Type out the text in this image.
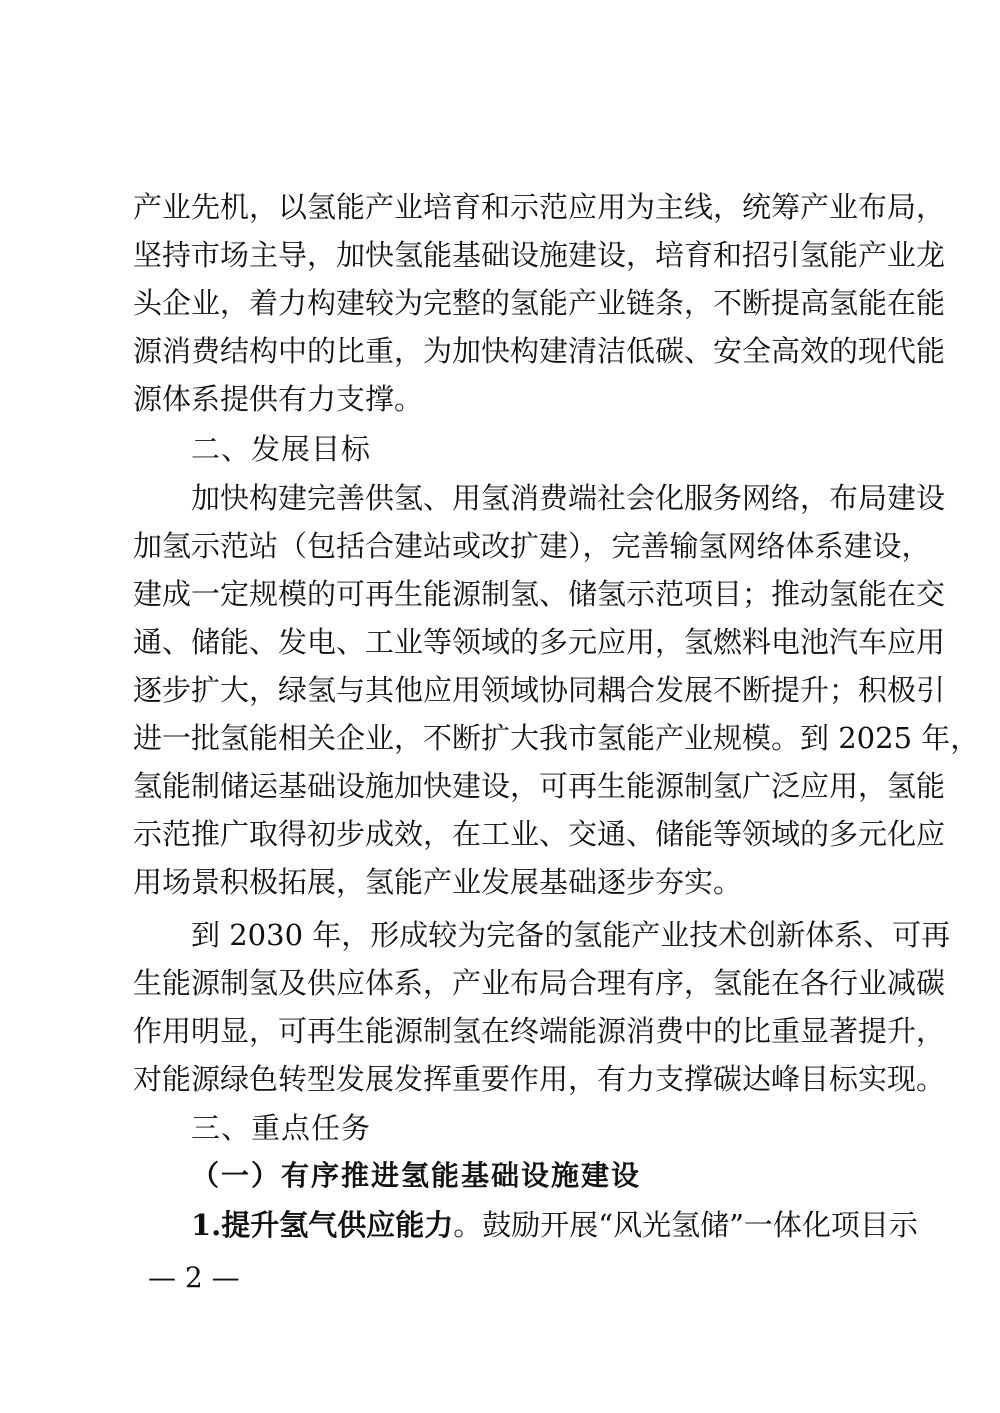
产业先机，以氢能产业培育和示范应用为主线，统筹产业布局，
坚持市场主导，加快氢能基础设施建设，培育和招引氢能产业龙
头企业，着力构建较为完整的氢能产业链条，不断提高氢能在能
源消费结构中的比重，为加快构建清洁低碳、安全高效的现代能
源体系提供有力支撑。
二、发展目标
加快构建完善供氢、用氢消费端社会化服务网络，布局建设
加氢示范站（包括合建站或改扩建），完善输氢网络体系建设，
建成一定规模的可再生能源制氢、储氢示范项目；推动氢能在交
通、储能、发电、工业等领域的多元应用，氢燃料电池汽车应用
逐步扩大，绿氢与其他应用领域协同耦合发展不断提升；积极引
进一批氢能相关企业，不断扩大我市氢能产业规模。到 2025 年，
氢能制储运基础设施加快建设，可再生能源制氢广泛应用，氢能
示范推广取得初步成效，在工业、交通、储能等领域的多元化应
用场景积极拓展，氢能产业发展基础逐步夯实。
到 2030 年，形成较为完备的氢能产业技术创新体系、可再
生能源制氢及供应体系，产业布局合理有序，氢能在各行业减碳
作用明显，可再生能源制氢在终端能源消费中的比重显著提升，
对能源绿色转型发展发挥重要作用，有力支撑碳达峰目标实现。
三、重点任务
（一）有序推进氢能基础设施建设
1.提升氢气供应能力。鼓励开展“风光氢储”一体化项目示
— 2 —
